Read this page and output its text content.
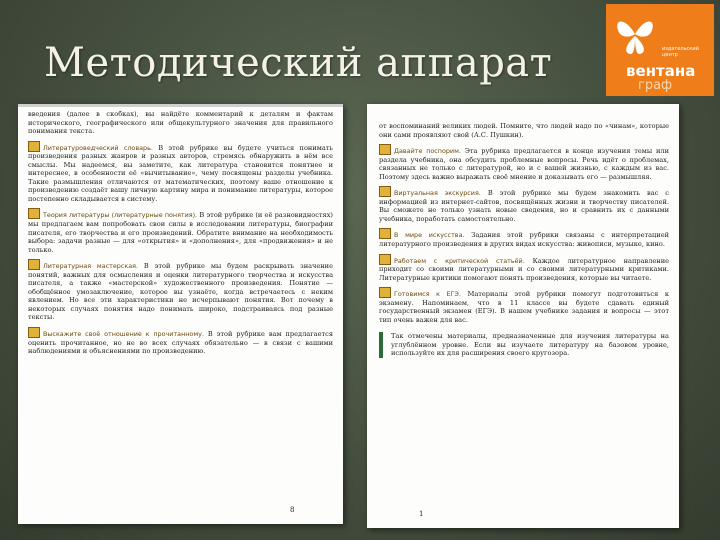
Методический аппарат	издательский центр
вентана
граф

введения (далее в скобках), вы найдёте комментарий к деталям и фактам исторического, географического или общекультурного значения для правильного понимания текста.

Литературоведческий словарь. В этой рубрике вы будете учиться понимать произведения разных жанров и разных авторов, стремясь обнаружить в нём все смыслы. Мы надеемся, вы заметите, как литература становится понятнее и интереснее, в особенности её «вычитывание», чему посвящены разделы учебника. Такие размышления отличаются от математических, поэтому ваше отношение к произведению создаёт вашу личную картину мира и понимание литературы, которое постепенно складывается в систему.

Теория литературы (литературные понятия). В этой рубрике (и её разновидностях) мы предлагаем вам попробовать свои силы в исследовании литературы, биографии писателя, его творчества и его произведений. Обратите внимание на необходимость выбора: задачи разные — для «открытия» и «дополнения», для «продвижения» и не только.

Литературная мастерская. В этой рубрике мы будем раскрывать значение понятий, важных для осмысления и оценки литературного творчества и искусства писателя, а также «мастерской» художественного произведения. Понятие — обобщённое умозаключение, которое вы узнаёте, когда встречаетесь с неким явлением. Но все эти характеристики не исчерпывают понятия. Вот почему в некоторых случаях понятия надо понимать широко, подстраиваясь под разные тексты.

Выскажите своё отношение к прочитанному. В этой рубрике вам предлагается оценить прочитанное, но не во всех случаях обязательно — в связи с вашими наблюдениями и объяснениями по произведению.

8

от воспоминаний великих людей. Помните, что людей надо по «чинам», которые они сами проявляют свой (А.С. Пушкин).

Давайте поспорим. Эта рубрика предлагается в конце изучения темы или раздела учебника, она обсудить проблемные вопросы. Речь идёт о проблемах, связанных не только с литературой, но и с вашей жизнью, с каждым из вас. Поэтому здесь важно выражать своё мнение и доказывать его — размышляя.

Виртуальная экскурсия. В этой рубрике мы будем знакомить вас с информацией из интернет-сайтов, посвящённых жизни и творчеству писателей. Вы сможете не только узнать новые сведения, но и сравнить их с данными учебника, поработать самостоятельно.

В мире искусства. Задания этой рубрики связаны с интерпретацией литературного произведения в других видах искусства: живописи, музыке, кино.

Работаем с критической статьёй. Каждое литературное направление приходит со своими литературными и со своими литературными критиками. Литературные критики помогают понять произведения, которые вы читаете.

Готовимся к ЕГЭ. Материалы этой рубрики помогут подготовиться к экзамену. Напоминаем, что в 11 классе вы будете сдавать единый государственный экзамен (ЕГЭ). В нашем учебнике задания и вопросы — этот тип очень важен для вас.

Так отмечены материалы, предназначенные для изучения литературы на углублённом уровне. Если вы изучаете литературу на базовом уровне, используйте их для расширения своего кругозора.

1
